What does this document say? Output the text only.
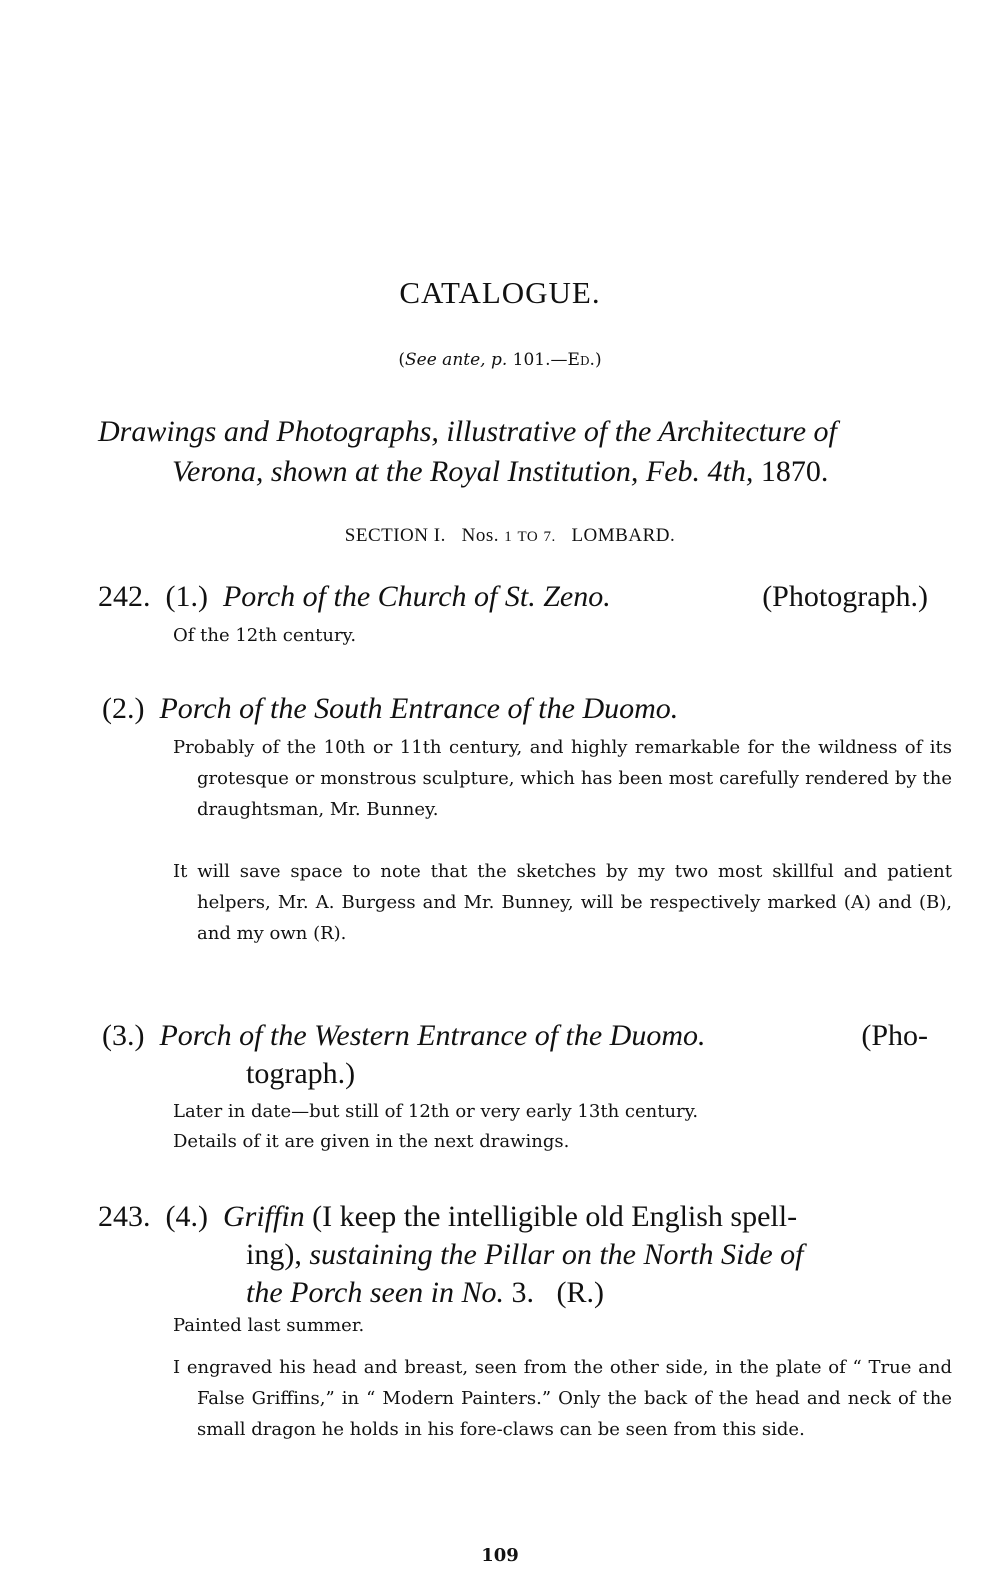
CATALOGUE.
(See ante, p. 101.—Ed.)
Drawings and Photographs, illustrative of the Architecture of
Verona, shown at the Royal Institution, Feb. 4th, 1870.
SECTION I. Nos. 1 TO 7. LOMBARD.
242. (1.) Porch of the Church of St. Zeno.	(Photograph.)
Of the 12th century.
(2.) Porch of the South Entrance of the Duomo.
Probably of the 10th or 11th century, and highly remarkable for the wildness of its grotesque or monstrous sculpture, which has been most carefully rendered by the draughtsman, Mr. Bunney.
It will save space to note that the sketches by my two most skillful and patient helpers, Mr. A. Burgess and Mr. Bunney, will be respectively marked (A) and (B), and my own (R).
(3.) Porch of the Western Entrance of the Duomo.	(Pho-
tograph.)
Later in date—but still of 12th or very early 13th century.
Details of it are given in the next drawings.
243. (4.) Griffin (I keep the intelligible old English spell-
ing), sustaining the Pillar on the North Side of
the Porch seen in No. 3. (R.)
Painted last summer.
I engraved his head and breast, seen from the other side, in the plate of “ True and False Griffins,” in “ Modern Painters.” Only the back of the head and neck of the small dragon he holds in his fore-claws can be seen from this side.
109
